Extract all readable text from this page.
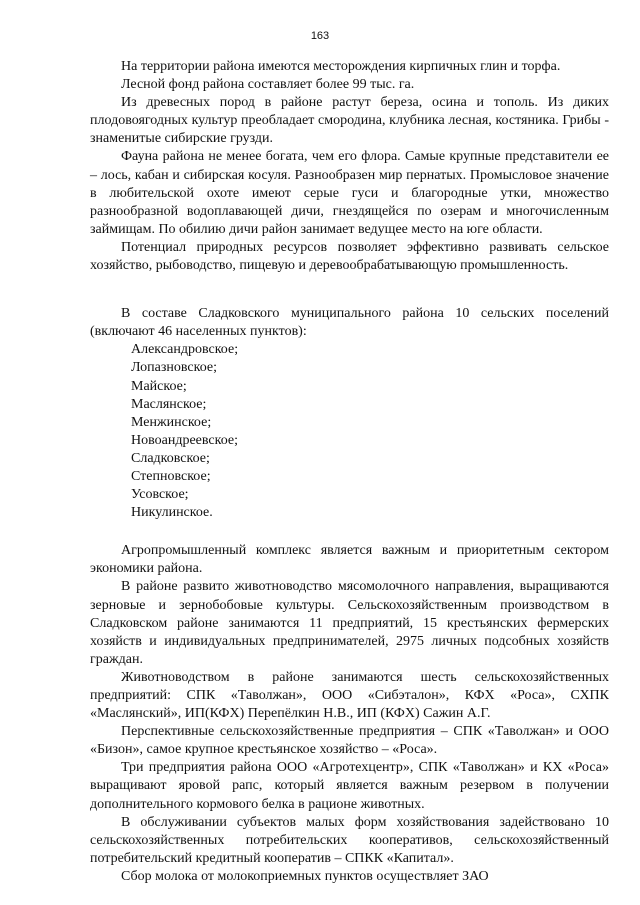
163

На территории района имеются месторождения кирпичных глин и торфа.

Лесной фонд района составляет более 99 тыс. га.

Из древесных пород в районе растут береза, осина и тополь. Из диких плодовоягодных культур преобладает смородина, клубника лесная, костяника. Грибы - знаменитые сибирские грузди.

Фауна района не менее богата, чем его флора. Самые крупные представители ее – лось, кабан и сибирская косуля. Разнообразен мир пернатых. Промысловое значение в любительской охоте имеют серые гуси и благородные утки, множество разнообразной водоплавающей дичи, гнездящейся по озерам и многочисленным займищам. По обилию дичи район занимает ведущее место на юге области.

Потенциал природных ресурсов позволяет эффективно развивать сельское хозяйство, рыбоводство, пищевую и деревообрабатывающую промышленность.

В составе Сладковского муниципального района 10 сельских поселений (включают 46 населенных пунктов):

Александровское;
Лопазновское;
Майское;
Маслянское;
Менжинское;
Новоандреевское;
Сладковское;
Степновское;
Усовское;
Никулинское.

Агропромышленный комплекс является важным и приоритетным сектором экономики района.

В районе развито животноводство мясомолочного направления, выращиваются зерновые и зернобобовые культуры. Сельскохозяйственным производством в Сладковском районе занимаются 11 предприятий, 15 крестьянских фермерских хозяйств и индивидуальных предпринимателей, 2975 личных подсобных хозяйств граждан.

Животноводством в районе занимаются шесть сельскохозяйственных предприятий: СПК «Таволжан», ООО «Сибэталон», КФХ «Роса», СХПК «Маслянский», ИП(КФХ) Перепёлкин Н.В., ИП (КФХ) Сажин А.Г.

Перспективные сельскохозяйственные предприятия – СПК «Таволжан» и ООО «Бизон», самое крупное крестьянское хозяйство – «Роса».

Три предприятия района ООО «Агротехцентр», СПК «Таволжан» и КХ «Роса» выращивают яровой рапс, который является важным резервом в получении дополнительного кормового белка в рационе животных.

В обслуживании субъектов малых форм хозяйствования задействовано 10 сельскохозяйственных потребительских кооперативов, сельскохозяйственный потребительский кредитный кооператив – СПКК «Капитал».

Сбор молока от молокоприемных пунктов осуществляет ЗАО
